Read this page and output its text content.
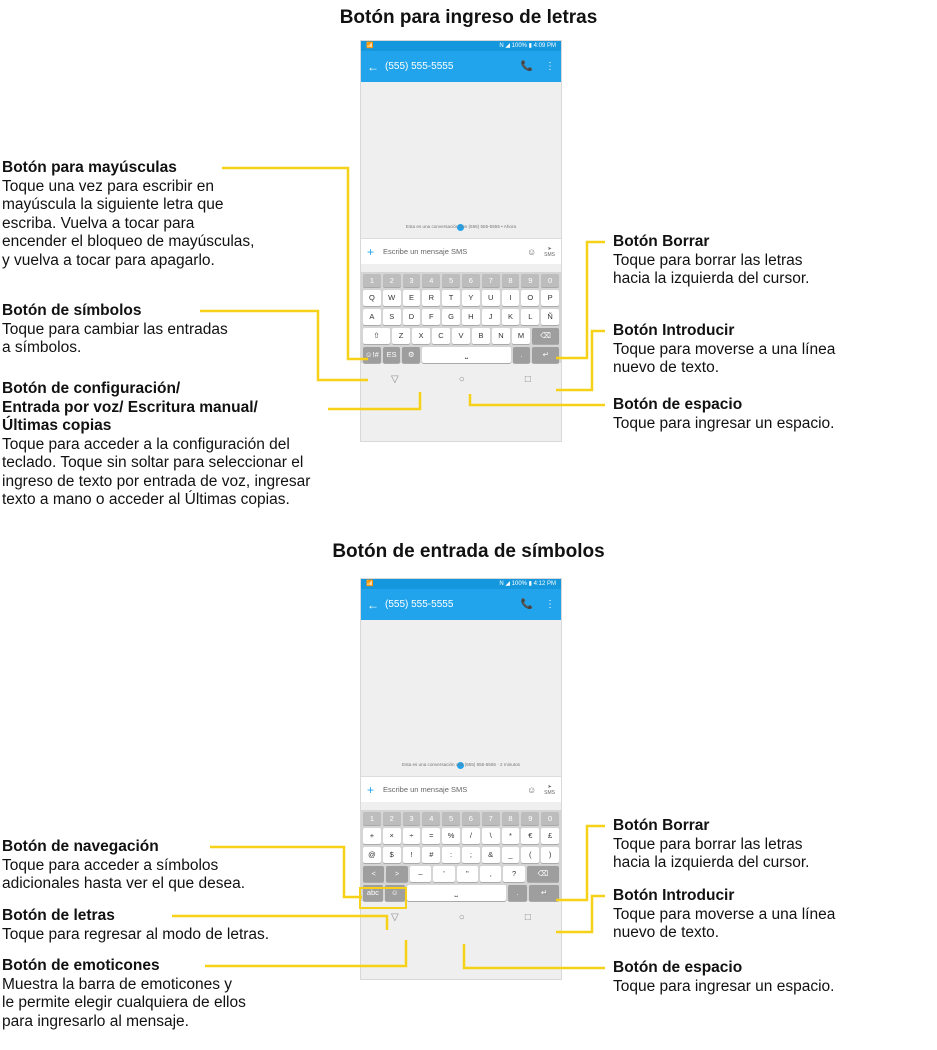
Botón para ingreso de letras
Botón de entrada de símbolos
📶	N ◢ 100% ▮ 4:09 PM
← (555) 555-5555	📞 ⋮
Esta es una conversación con (555) 555-5555 • Ahora
+	Escribe un mensaje SMS	☺	➤
SMS
1	2	3	4	5	6	7	8	9	0
Q	W	E	R	T	Y	U	I	O	P
A	S	D	F	G	H	J	K	L	Ñ
⇧	Z	X	C	V	B	N	M	⌫
☺!#	ES	⚙	⎵	.	↵
▽	○	□
📶	N ◢ 100% ▮ 4:12 PM
← (555) 555-5555	📞 ⋮
Esta es una conversación con (555) 555-5555 · 2 minutos
+	Escribe un mensaje SMS	☺	➤
SMS
1	2	3	4	5	6	7	8	9	0
+	×	÷	=	%	/	\	*	€	£
@	$	!	#	:	;	&	_	(	)
<	>	–	'	"	,	?	⌫
abc	☺	⎵	.	↵
▽	○	□
Botón para mayúsculas
Toque una vez para escribir en
mayúscula la siguiente letra que
escriba. Vuelva a tocar para
encender el bloqueo de mayúsculas,
y vuelva a tocar para apagarlo.
Botón de símbolos
Toque para cambiar las entradas
a símbolos.
Botón de configuración/
Entrada por voz/ Escritura manual/
Últimas copias
Toque para acceder a la configuración del
teclado. Toque sin soltar para seleccionar el
ingreso de texto por entrada de voz, ingresar
texto a mano o acceder al Últimas copias.
Botón Borrar
Toque para borrar las letras
hacia la izquierda del cursor.
Botón Introducir
Toque para moverse a una línea
nuevo de texto.
Botón de espacio
Toque para ingresar un espacio.
Botón de navegación
Toque para acceder a símbolos
adicionales hasta ver el que desea.
Botón de letras
Toque para regresar al modo de letras.
Botón de emoticones
Muestra la barra de emoticones y
le permite elegir cualquiera de ellos
para ingresarlo al mensaje.
Botón Borrar
Toque para borrar las letras
hacia la izquierda del cursor.
Botón Introducir
Toque para moverse a una línea
nuevo de texto.
Botón de espacio
Toque para ingresar un espacio.
